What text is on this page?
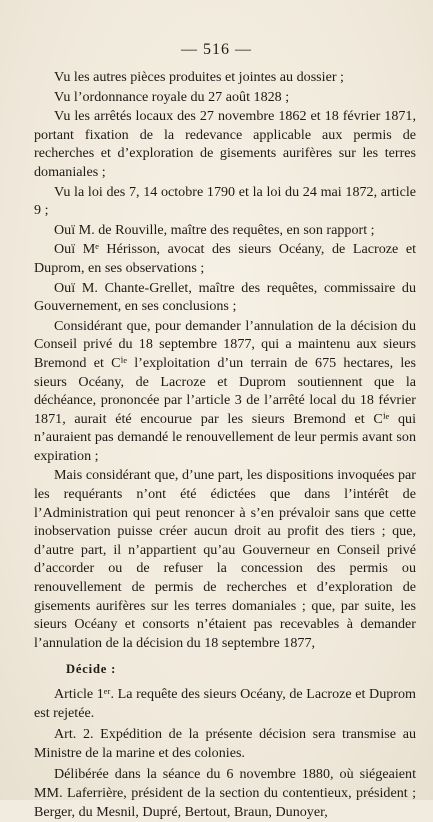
— 516 —

Vu les autres pièces produites et jointes au dossier ;

Vu l’ordonnance royale du 27 août 1828 ;

Vu les arrêtés locaux des 27 novembre 1862 et 18 février 1871, portant fixation de la redevance applicable aux permis de recherches et d’exploration de gisements aurifères sur les terres domaniales ;

Vu la loi des 7, 14 octobre 1790 et la loi du 24 mai 1872, article 9 ;

Ouï M. de Rouville, maître des requêtes, en son rapport ;

Ouï Mᵉ Hérisson, avocat des sieurs Océany, de Lacroze et Duprom, en ses observations ;

Ouï M. Chante-Grellet, maître des requêtes, commissaire du Gouvernement, en ses conclusions ;

Considérant que, pour demander l’annulation de la décision du Conseil privé du 18 septembre 1877, qui a maintenu aux sieurs Bremond et Cⁱᵉ l’exploitation d’un terrain de 675 hectares, les sieurs Océany, de Lacroze et Duprom soutiennent que la déchéance, prononcée par l’article 3 de l’arrêté local du 18 février 1871, aurait été encourue par les sieurs Bremond et Cⁱᵉ qui n’auraient pas demandé le renouvellement de leur permis avant son expiration ;

Mais considérant que, d’une part, les dispositions invoquées par les requérants n’ont été édictées que dans l’intérêt de l’Administration qui peut renoncer à s’en prévaloir sans que cette inobservation puisse créer aucun droit au profit des tiers ; que, d’autre part, il n’appartient qu’au Gouverneur en Conseil privé d’accorder ou de refuser la concession des permis ou renouvellement de permis de recherches et d’exploration de gisements aurifères sur les terres domaniales ; que, par suite, les sieurs Océany et consorts n’étaient pas recevables à demander l’annulation de la décision du 18 septembre 1877,

Décide :

Article 1ᵉʳ. La requête des sieurs Océany, de Lacroze et Duprom est rejetée.

Art. 2. Expédition de la présente décision sera transmise au Ministre de la marine et des colonies.

Délibérée dans la séance du 6 novembre 1880, où siégeaient MM. Laferrière, président de la section du contentieux, président ; Berger, du Mesnil, Dupré, Bertout, Braun, Dunoyer,
